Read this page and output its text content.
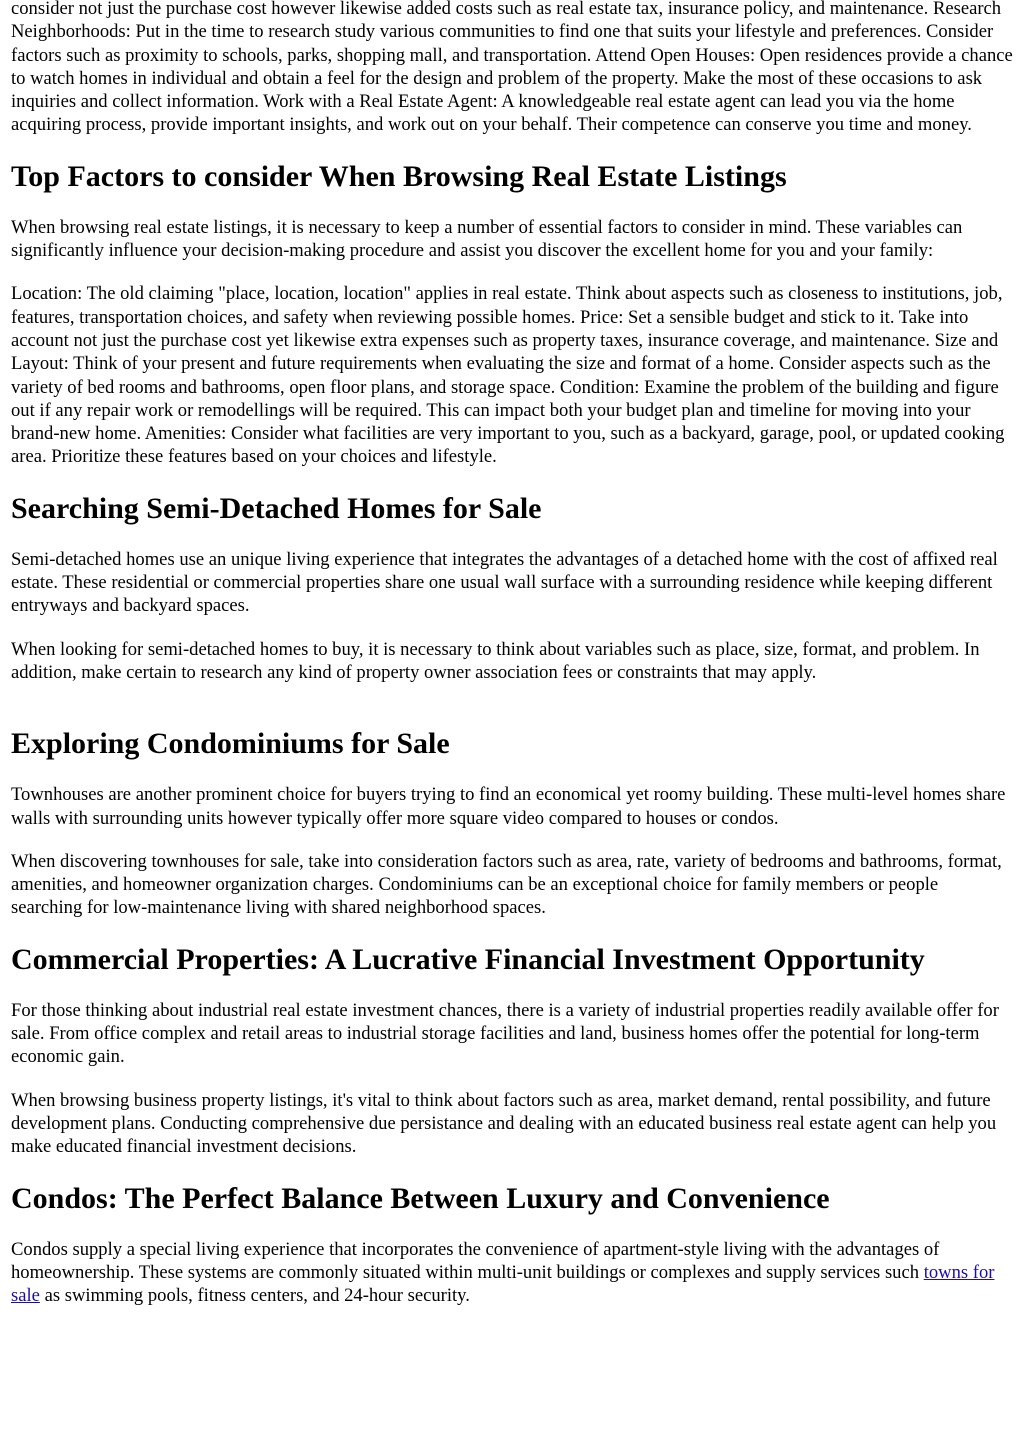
consider not just the purchase cost however likewise added costs such as real estate tax, insurance policy, and maintenance. Research Neighborhoods: Put in the time to research study various communities to find one that suits your lifestyle and preferences. Consider factors such as proximity to schools, parks, shopping mall, and transportation. Attend Open Houses: Open residences provide a chance to watch homes in individual and obtain a feel for the design and problem of the property. Make the most of these occasions to ask inquiries and collect information. Work with a Real Estate Agent: A knowledgeable real estate agent can lead you via the home acquiring process, provide important insights, and work out on your behalf. Their competence can conserve you time and money.

Top Factors to consider When Browsing Real Estate Listings

When browsing real estate listings, it is necessary to keep a number of essential factors to consider in mind. These variables can significantly influence your decision-making procedure and assist you discover the excellent home for you and your family:

Location: The old claiming "place, location, location" applies in real estate. Think about aspects such as closeness to institutions, job, features, transportation choices, and safety when reviewing possible homes. Price: Set a sensible budget and stick to it. Take into account not just the purchase cost yet likewise extra expenses such as property taxes, insurance coverage, and maintenance. Size and Layout: Think of your present and future requirements when evaluating the size and format of a home. Consider aspects such as the variety of bed rooms and bathrooms, open floor plans, and storage space. Condition: Examine the problem of the building and figure out if any repair work or remodellings will be required. This can impact both your budget plan and timeline for moving into your brand-new home. Amenities: Consider what facilities are very important to you, such as a backyard, garage, pool, or updated cooking area. Prioritize these features based on your choices and lifestyle.

Searching Semi-Detached Homes for Sale

Semi-detached homes use an unique living experience that integrates the advantages of a detached home with the cost of affixed real estate. These residential or commercial properties share one usual wall surface with a surrounding residence while keeping different entryways and backyard spaces.

When looking for semi-detached homes to buy, it is necessary to think about variables such as place, size, format, and problem. In addition, make certain to research any kind of property owner association fees or constraints that may apply.

Exploring Condominiums for Sale

Townhouses are another prominent choice for buyers trying to find an economical yet roomy building. These multi-level homes share walls with surrounding units however typically offer more square video compared to houses or condos.

When discovering townhouses for sale, take into consideration factors such as area, rate, variety of bedrooms and bathrooms, format, amenities, and homeowner organization charges. Condominiums can be an exceptional choice for family members or people searching for low-maintenance living with shared neighborhood spaces.

Commercial Properties: A Lucrative Financial Investment Opportunity

For those thinking about industrial real estate investment chances, there is a variety of industrial properties readily available offer for sale. From office complex and retail areas to industrial storage facilities and land, business homes offer the potential for long-term economic gain.

When browsing business property listings, it's vital to think about factors such as area, market demand, rental possibility, and future development plans. Conducting comprehensive due persistance and dealing with an educated business real estate agent can help you make educated financial investment decisions.

Condos: The Perfect Balance Between Luxury and Convenience

Condos supply a special living experience that incorporates the convenience of apartment-style living with the advantages of homeownership. These systems are commonly situated within multi-unit buildings or complexes and supply services such towns for sale as swimming pools, fitness centers, and 24-hour security.
